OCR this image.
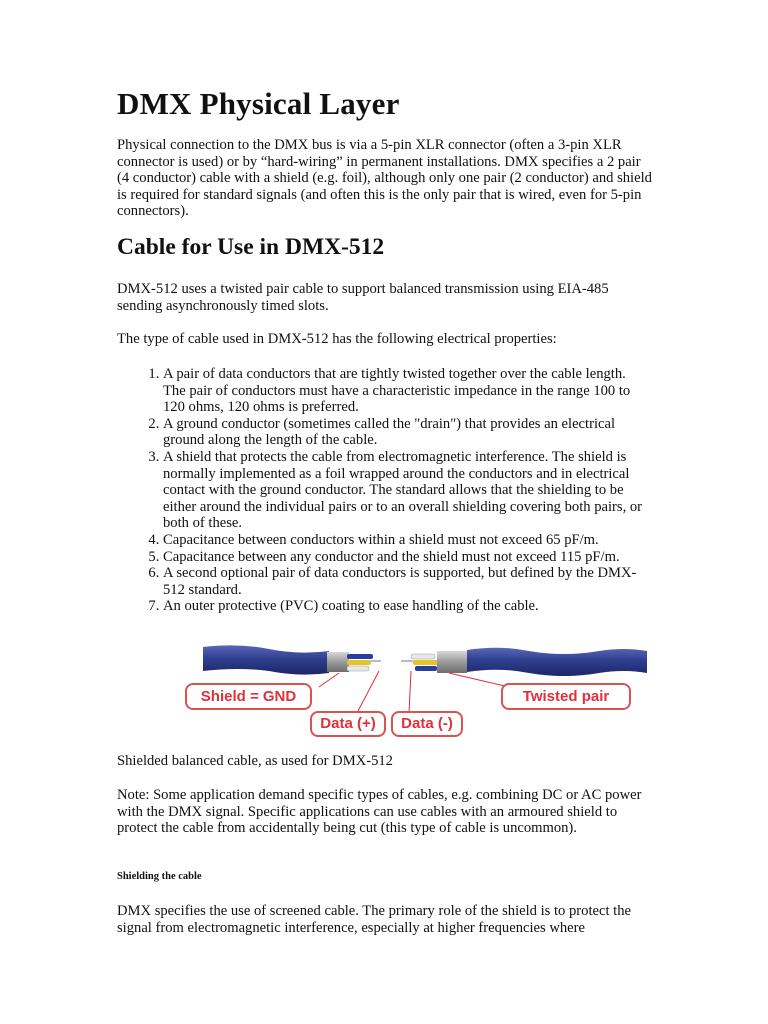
DMX Physical Layer

Physical connection to the DMX bus is via a 5-pin XLR connector (often a 3-pin XLR connector is used) or by “hard-wiring” in permanent installations. DMX specifies a 2 pair (4 conductor) cable with a shield (e.g. foil), although only one pair (2 conductor) and shield is required for standard signals (and often this is the only pair that is wired, even for 5-pin connectors).

Cable for Use in DMX-512

DMX-512 uses a twisted pair cable to support balanced transmission using EIA-485 sending asynchronously timed slots.

The type of cable used in DMX-512 has the following electrical properties:

1. A pair of data conductors that are tightly twisted together over the cable length. The pair of conductors must have a characteristic impedance in the range 100 to 120 ohms, 120 ohms is preferred.
2. A ground conductor (sometimes called the "drain") that provides an electrical ground along the length of the cable.
3. A shield that protects the cable from electromagnetic interference. The shield is normally implemented as a foil wrapped around the conductors and in electrical contact with the ground conductor. The standard allows that the shielding to be either around the individual pairs or to an overall shielding covering both pairs, or both of these.
4. Capacitance between conductors within a shield must not exceed 65 pF/m.
5. Capacitance between any conductor and the shield must not exceed 115 pF/m.
6. A second optional pair of data conductors is supported, but defined by the DMX-512 standard.
7. An outer protective (PVC) coating to ease handling of the cable.
Shield = GND	Twisted pair
Data (+)	Data (-)

Shielded balanced cable, as used for DMX-512

Note: Some application demand specific types of cables, e.g. combining DC or AC power with the DMX signal. Specific applications can use cables with an armoured shield to protect the cable from accidentally being cut (this type of cable is uncommon).

Shielding the cable

DMX specifies the use of screened cable. The primary role of the shield is to protect the signal from electromagnetic interference, especially at higher frequencies where
